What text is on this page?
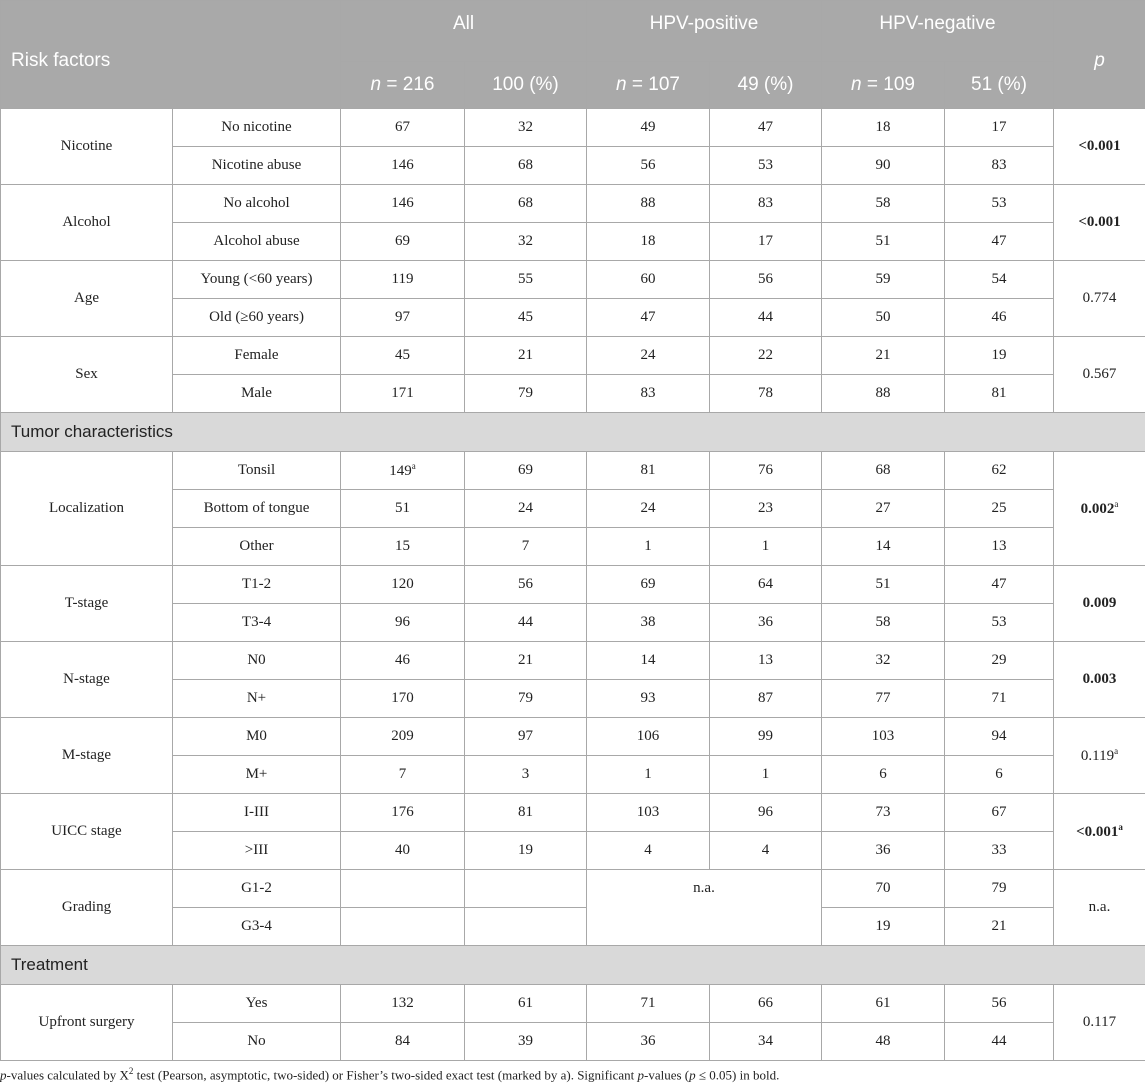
Risk factors		All		HPV-positive		HPV-negative		p
		n = 216	100 (%)	n = 107	49 (%)	n = 109	51 (%)	
Nicotine	No nicotine	67	32	49	47	18	17	<0.001
	Nicotine abuse	146	68	56	53	90	83	
Alcohol	No alcohol	146	68	88	83	58	53	<0.001
	Alcohol abuse	69	32	18	17	51	47	
Age	Young (<60 years)	119	55	60	56	59	54	0.774
	Old (≥60 years)	97	45	47	44	50	46	
Sex	Female	45	21	24	22	21	19	0.567
	Male	171	79	83	78	88	81	
Tumor characteristics								
Localization	Tonsil	149$^a$	69	81	76	68	62	0.002$^a$
	Bottom of tongue	51	24	24	23	27	25	
	Other	15	7	1	1	14	13	
T-stage	T1-2	120	56	69	64	51	47	0.009
	T3-4	96	44	38	36	58	53	
N-stage	N0	46	21	14	13	32	29	0.003
	N+	170	79	93	87	77	71	
M-stage	M0	209	97	106	99	103	94	0.119$^a$
	M+	7	3	1	1	6	6	
UICC stage	I-III	176	81	103	96	73	67	<0.001$^a$
	>III	40	19	4	4	36	33	
Grading	G1-2			n.a.		70	79	n.a.
	G3-4					19	21	
Treatment								
Upfront surgery	Yes	132	61	71	66	61	56	0.117
	No	84	39	36	34	48	44	
p-values calculated by $X^2$ test (Pearson, asymptotic, two-sided) or Fisher’s two-sided exact test (marked by a). Significant p-values (p ≤ 0.05) in bold.
